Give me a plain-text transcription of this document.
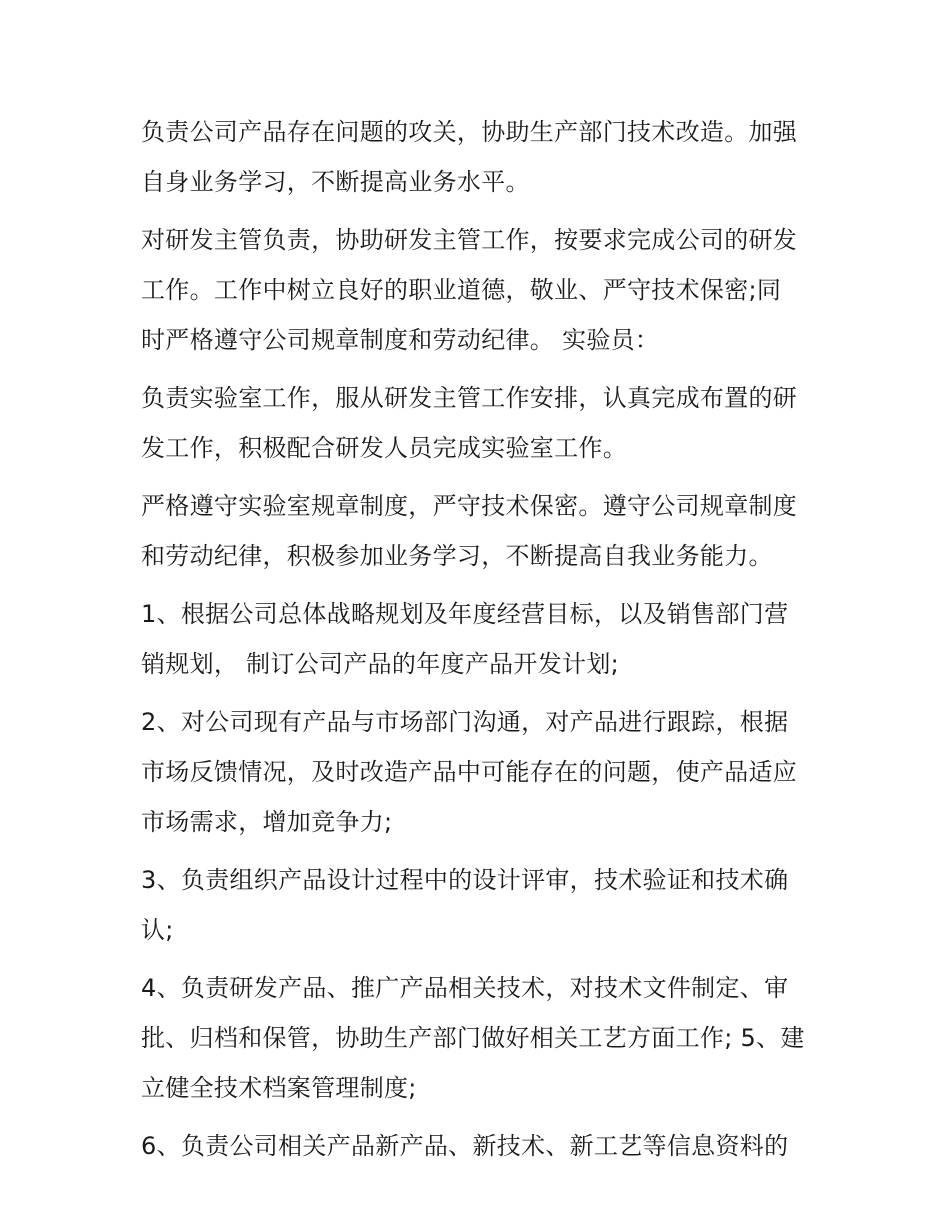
负责公司产品存在问题的攻关，协助生产部门技术改造。加强
自身业务学习，不断提高业务水平。
对研发主管负责，协助研发主管工作，按要求完成公司的研发
工作。工作中树立良好的职业道德，敬业、严守技术保密;同
时严格遵守公司规章制度和劳动纪律。 实验员：
负责实验室工作，服从研发主管工作安排，认真完成布置的研
发工作，积极配合研发人员完成实验室工作。
严格遵守实验室规章制度，严守技术保密。遵守公司规章制度
和劳动纪律，积极参加业务学习，不断提高自我业务能力。
1、根据公司总体战略规划及年度经营目标，以及销售部门营
销规划， 制订公司产品的年度产品开发计划;
2、对公司现有产品与市场部门沟通，对产品进行跟踪，根据
市场反馈情况，及时改造产品中可能存在的问题，使产品适应
市场需求，增加竞争力;
3、负责组织产品设计过程中的设计评审，技术验证和技术确
认;
4、负责研发产品、推广产品相关技术，对技术文件制定、审
批、归档和保管，协助生产部门做好相关工艺方面工作; 5、建
立健全技术档案管理制度;
6、负责公司相关产品新产品、新技术、新工艺等信息资料的
